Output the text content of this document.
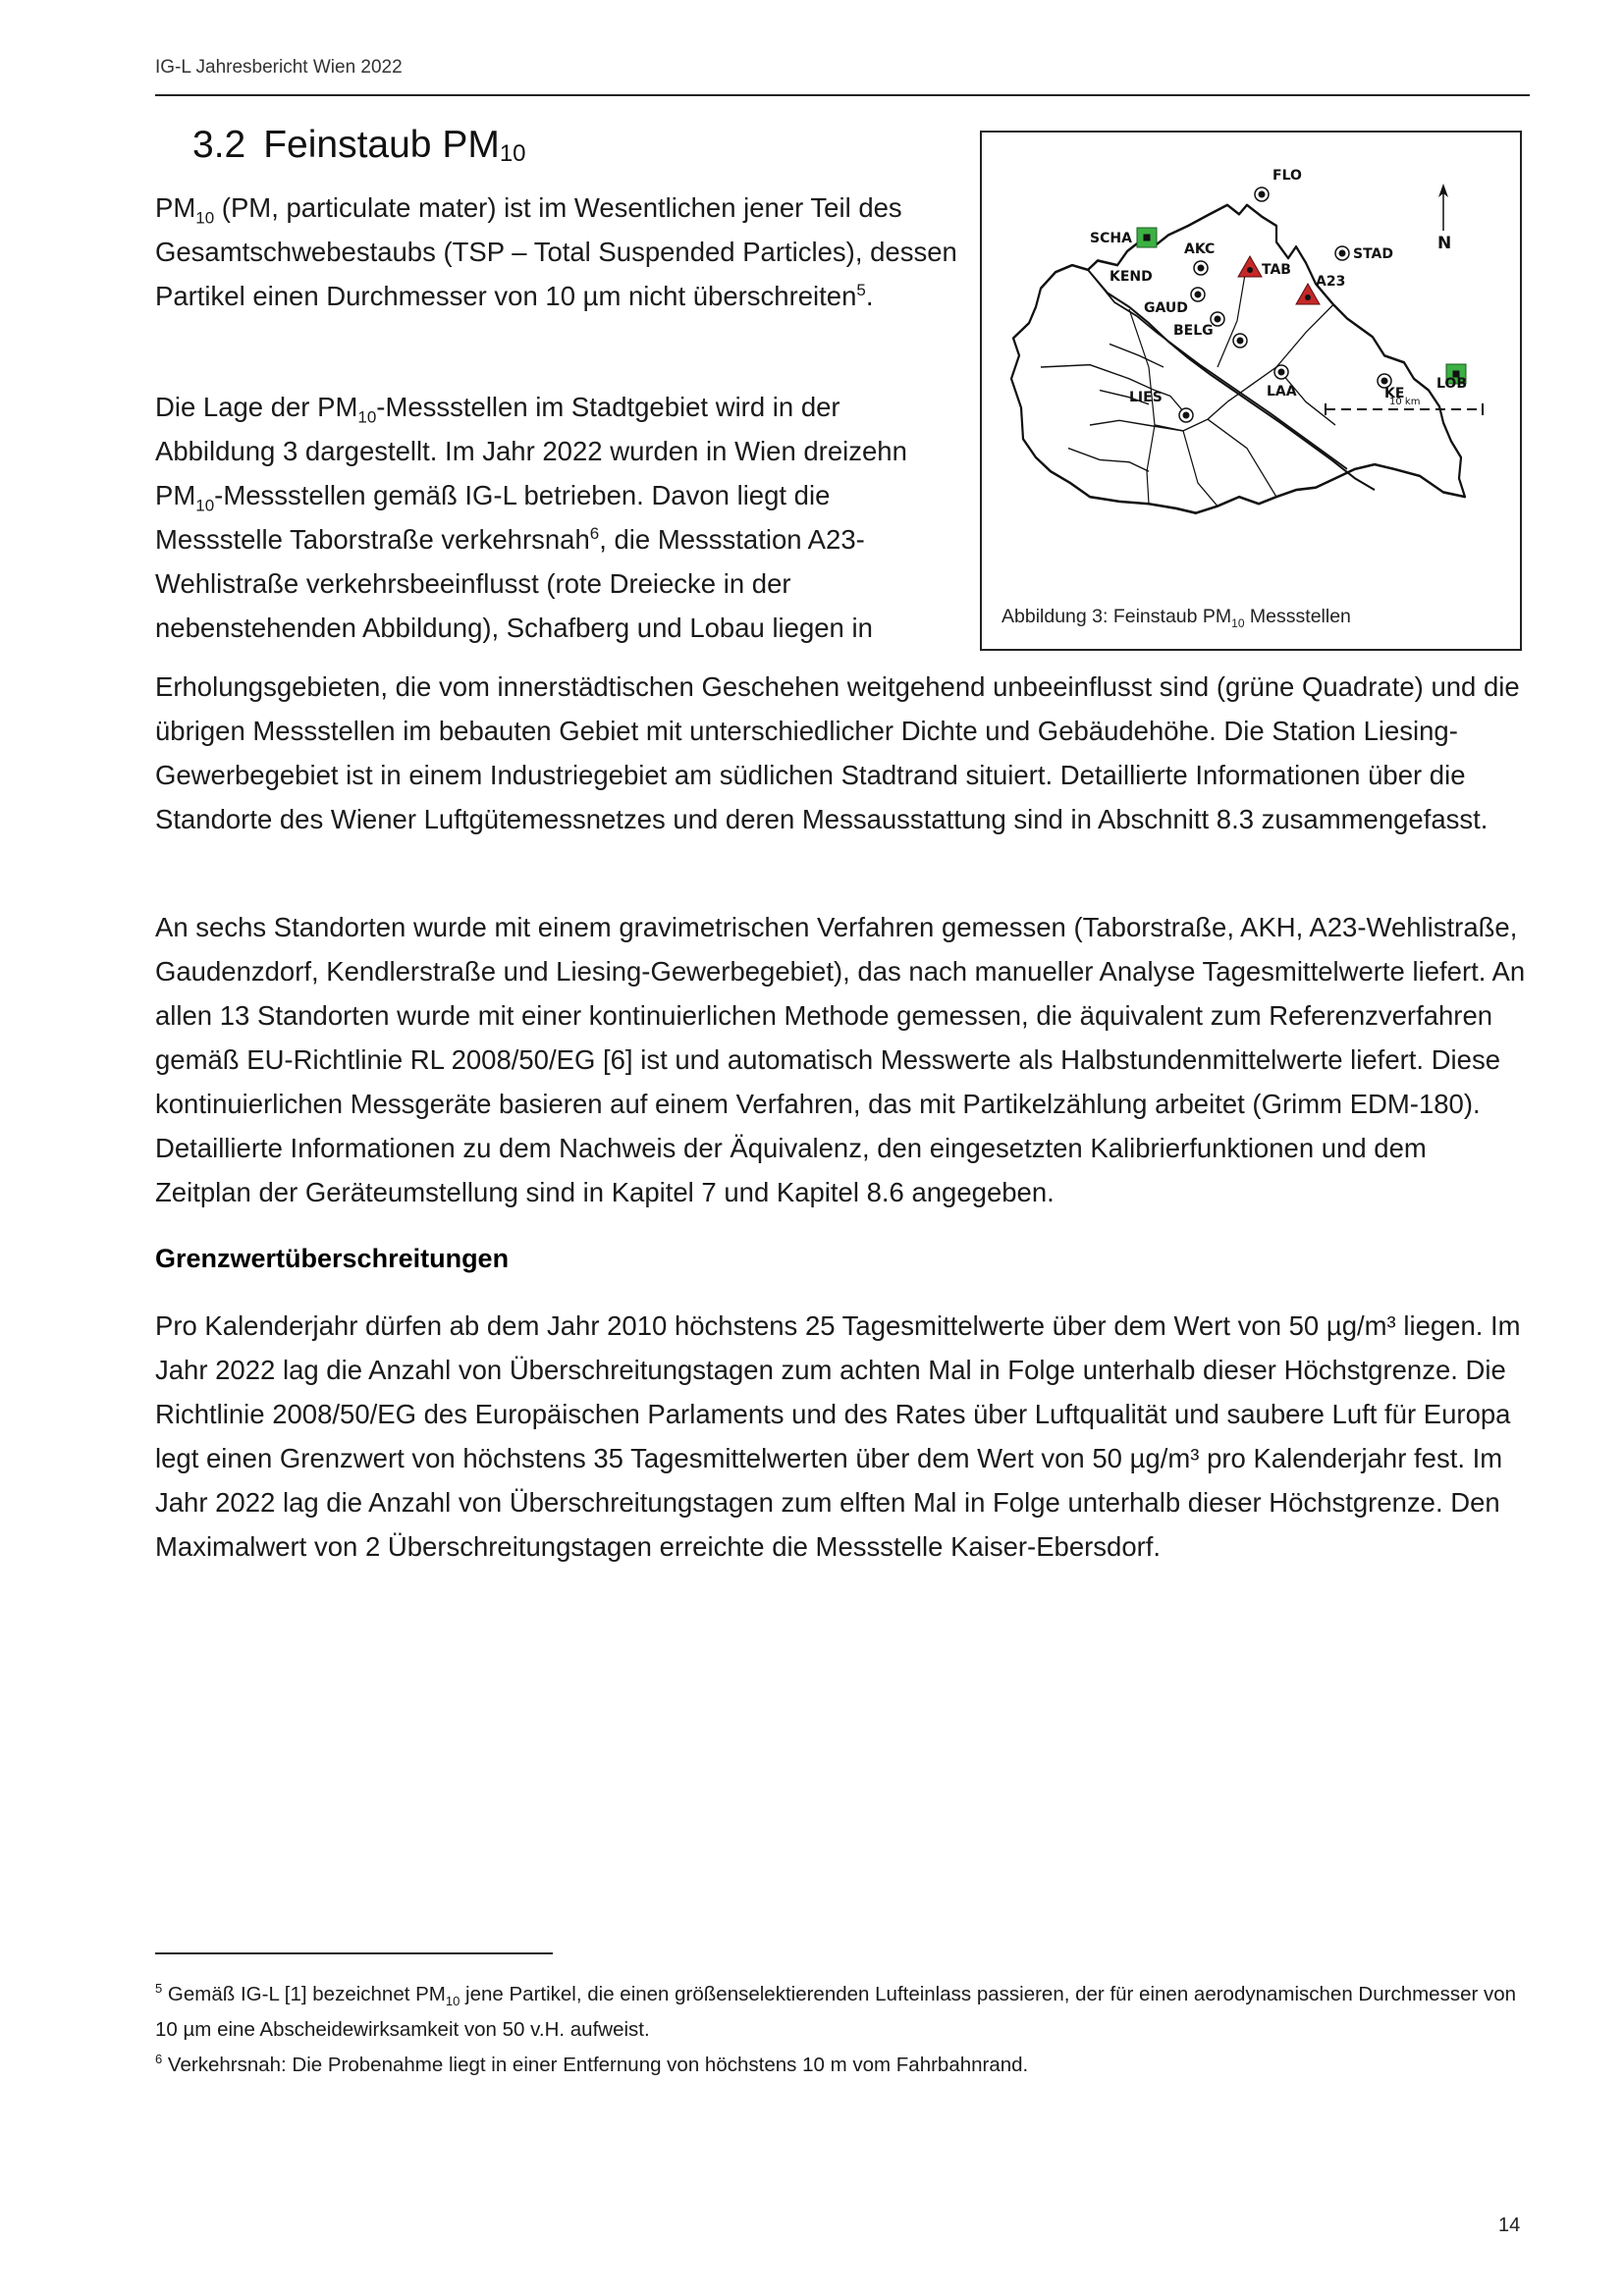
IG-L Jahresbericht Wien 2022
3.2 Feinstaub $PM_{10}$

$PM_{10}$ (PM, particulate mater) ist im Wesentlichen jener Teil des Gesamtschwebestaubs (TSP – Total Suspended Particles), dessen Partikel einen Durchmesser von 10 µm nicht überschreiten$^5$.

Die Lage der $PM_{10}$-Messstellen im Stadtgebiet wird in der Abbildung 3 dargestellt. Im Jahr 2022 wurden in Wien dreizehn $PM_{10}$-Messstellen gemäß IG-L betrieben. Davon liegt die Messstelle Taborstraße verkehrsnah$^6$, die Messstation A23-Wehlistraße verkehrsbeeinflusst (rote Dreiecke in der nebenstehenden Abbildung), Schafberg und Lobau liegen in

Erholungsgebieten, die vom innerstädtischen Geschehen weitgehend unbeeinflusst sind (grüne Quadrate) und die übrigen Messstellen im bebauten Gebiet mit unterschiedlicher Dichte und Gebäudehöhe. Die Station Liesing-Gewerbegebiet ist in einem Industriegebiet am südlichen Stadtrand situiert. Detaillierte Informationen über die Standorte des Wiener Luftgütemessnetzes und deren Messausstattung sind in Abschnitt 8.3 zusammengefasst.

N
10 km
FLO
STAD
SCHA
AKC
TAB
A23
KEND
GAUD
BELG
LAA	KE
LOB
LIES
Abbildung 3: Feinstaub $PM_{10}$ Messstellen

An sechs Standorten wurde mit einem gravimetrischen Verfahren gemessen (Taborstraße, AKH, A23-Wehlistraße, Gaudenzdorf, Kendlerstraße und Liesing-Gewerbegebiet), das nach manueller Analyse Tagesmittelwerte liefert. An allen 13 Standorten wurde mit einer kontinuierlichen Methode gemessen, die äquivalent zum Referenzverfahren gemäß EU-Richtlinie RL 2008/50/EG [6] ist und automatisch Messwerte als Halbstundenmittelwerte liefert. Diese kontinuierlichen Messgeräte basieren auf einem Verfahren, das mit Partikelzählung arbeitet (Grimm EDM-180). Detaillierte Informationen zu dem Nachweis der Äquivalenz, den eingesetzten Kalibrierfunktionen und dem Zeitplan der Geräteumstellung sind in Kapitel 7 und Kapitel 8.6 angegeben.

Grenzwertüberschreitungen

Pro Kalenderjahr dürfen ab dem Jahr 2010 höchstens 25 Tagesmittelwerte über dem Wert von 50 µg/m³ liegen. Im Jahr 2022 lag die Anzahl von Überschreitungstagen zum achten Mal in Folge unterhalb dieser Höchstgrenze. Die Richtlinie 2008/50/EG des Europäischen Parlaments und des Rates über Luftqualität und saubere Luft für Europa legt einen Grenzwert von höchstens 35 Tagesmittelwerten über dem Wert von 50 µg/m³ pro Kalenderjahr fest. Im Jahr 2022 lag die Anzahl von Überschreitungstagen zum elften Mal in Folge unterhalb dieser Höchstgrenze. Den Maximalwert von 2 Überschreitungstagen erreichte die Messstelle Kaiser-Ebersdorf.

$^5$ Gemäß IG-L [1] bezeichnet $PM_{10}$ jene Partikel, die einen größenselektierenden Lufteinlass passieren, der für einen aerodynamischen Durchmesser von 10 µm eine Abscheidewirksamkeit von 50 v.H. aufweist.

$^6$ Verkehrsnah: Die Probenahme liegt in einer Entfernung von höchstens 10 m vom Fahrbahnrand.

14
